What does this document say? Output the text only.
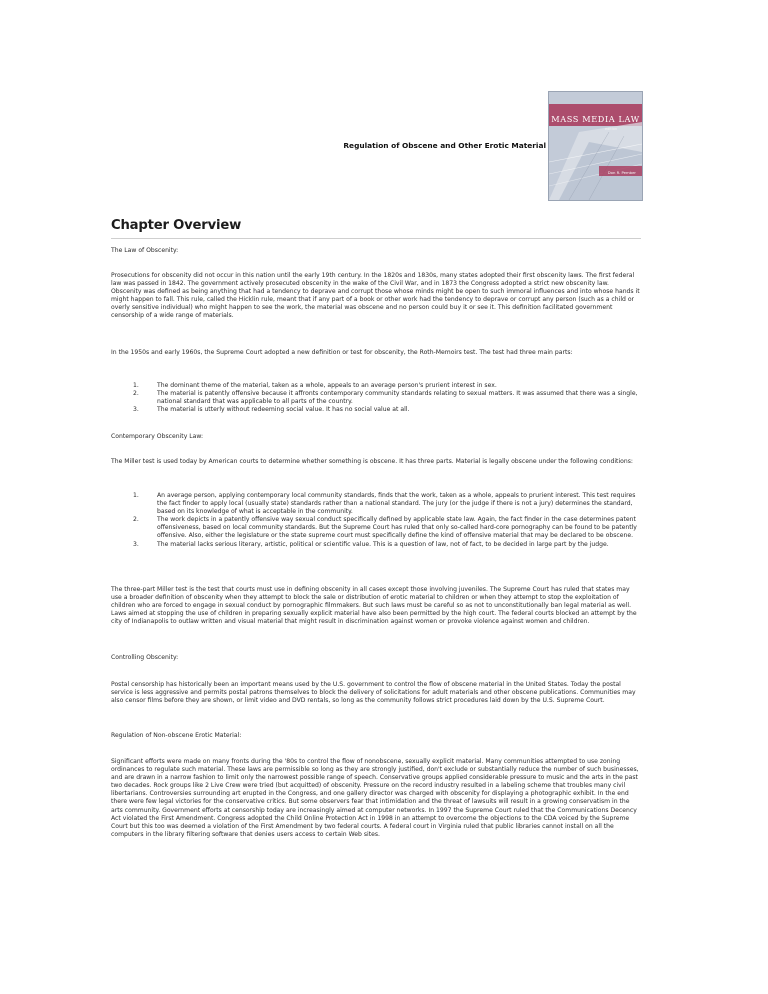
Regulation of Obscene and Other Erotic Material
MASS MEDIA LAW
edition
Don R. Pember
Chapter Overview
The Law of Obscenity:

Prosecutions for obscenity did not occur in this nation until the early 19th century. In the 1820s and 1830s, many states adopted their first obscenity laws. The first federal law was passed in 1842. The government actively prosecuted obscenity in the wake of the Civil War, and in 1873 the Congress adopted a strict new obscenity law. Obscenity was defined as being anything that had a tendency to deprave and corrupt those whose minds might be open to such immoral influences and into whose hands it might happen to fall. This rule, called the Hicklin rule, meant that if any part of a book or other work had the tendency to deprave or corrupt any person (such as a child or overly sensitive individual) who might happen to see the work, the material was obscene and no person could buy it or see it. This definition facilitated government censorship of a wide range of materials.

In the 1950s and early 1960s, the Supreme Court adopted a new definition or test for obscenity, the Roth-Memoirs test. The test had three main parts:

1.	The dominant theme of the material, taken as a whole, appeals to an average person's prurient interest in sex.
2.	The material is patently offensive because it affronts contemporary community standards relating to sexual matters. It was assumed that there was a single, national standard that was applicable to all parts of the country.
3.	The material is utterly without redeeming social value. It has no social value at all.
Contemporary Obscenity Law:

The Miller test is used today by American courts to determine whether something is obscene. It has three parts. Material is legally obscene under the following conditions:

1.	An average person, applying contemporary local community standards, finds that the work, taken as a whole, appeals to prurient interest. This test requires the fact finder to apply local (usually state) standards rather than a national standard. The jury (or the judge if there is not a jury) determines the standard, based on its knowledge of what is acceptable in the community.
2.	The work depicts in a patently offensive way sexual conduct specifically defined by applicable state law. Again, the fact finder in the case determines patent offensiveness, based on local community standards. But the Supreme Court has ruled that only so-called hard-core pornography can be found to be patently offensive. Also, either the legislature or the state supreme court must specifically define the kind of offensive material that may be declared to be obscene.
3.	The material lacks serious literary, artistic, political or scientific value. This is a question of law, not of fact, to be decided in large part by the judge.

The three-part Miller test is the test that courts must use in defining obscenity in all cases except those involving juveniles. The Supreme Court has ruled that states may use a broader definition of obscenity when they attempt to block the sale or distribution of erotic material to children or when they attempt to stop the exploitation of children who are forced to engage in sexual conduct by pornographic filmmakers. But such laws must be careful so as not to unconstitutionally ban legal material as well. Laws aimed at stopping the use of children in preparing sexually explicit material have also been permitted by the high court. The federal courts blocked an attempt by the city of Indianapolis to outlaw written and visual material that might result in discrimination against women or provoke violence against women and children.

Controlling Obscenity:

Postal censorship has historically been an important means used by the U.S. government to control the flow of obscene material in the United States. Today the postal service is less aggressive and permits postal patrons themselves to block the delivery of solicitations for adult materials and other obscene publications. Communities may also censor films before they are shown, or limit video and DVD rentals, so long as the community follows strict procedures laid down by the U.S. Supreme Court.

Regulation of Non-obscene Erotic Material:

Significant efforts were made on many fronts during the '80s to control the flow of nonobscene, sexually explicit material. Many communities attempted to use zoning ordinances to regulate such material. These laws are permissible so long as they are strongly justified, don't exclude or substantially reduce the number of such businesses, and are drawn in a narrow fashion to limit only the narrowest possible range of speech. Conservative groups applied considerable pressure to music and the arts in the past two decades. Rock groups like 2 Live Crew were tried (but acquitted) of obscenity. Pressure on the record industry resulted in a labeling scheme that troubles many civil libertarians. Controversies surrounding art erupted in the Congress, and one gallery director was charged with obscenity for displaying a photographic exhibit. In the end there were few legal victories for the conservative critics. But some observers fear that intimidation and the threat of lawsuits will result in a growing conservatism in the arts community. Government efforts at censorship today are increasingly aimed at computer networks. In 1997 the Supreme Court ruled that the Communications Decency Act violated the First Amendment. Congress adopted the Child Online Protection Act in 1998 in an attempt to overcome the objections to the CDA voiced by the Supreme Court but this too was deemed a violation of the First Amendment by two federal courts. A federal court in Virginia ruled that public libraries cannot install on all the computers in the library filtering software that denies users access to certain Web sites.
